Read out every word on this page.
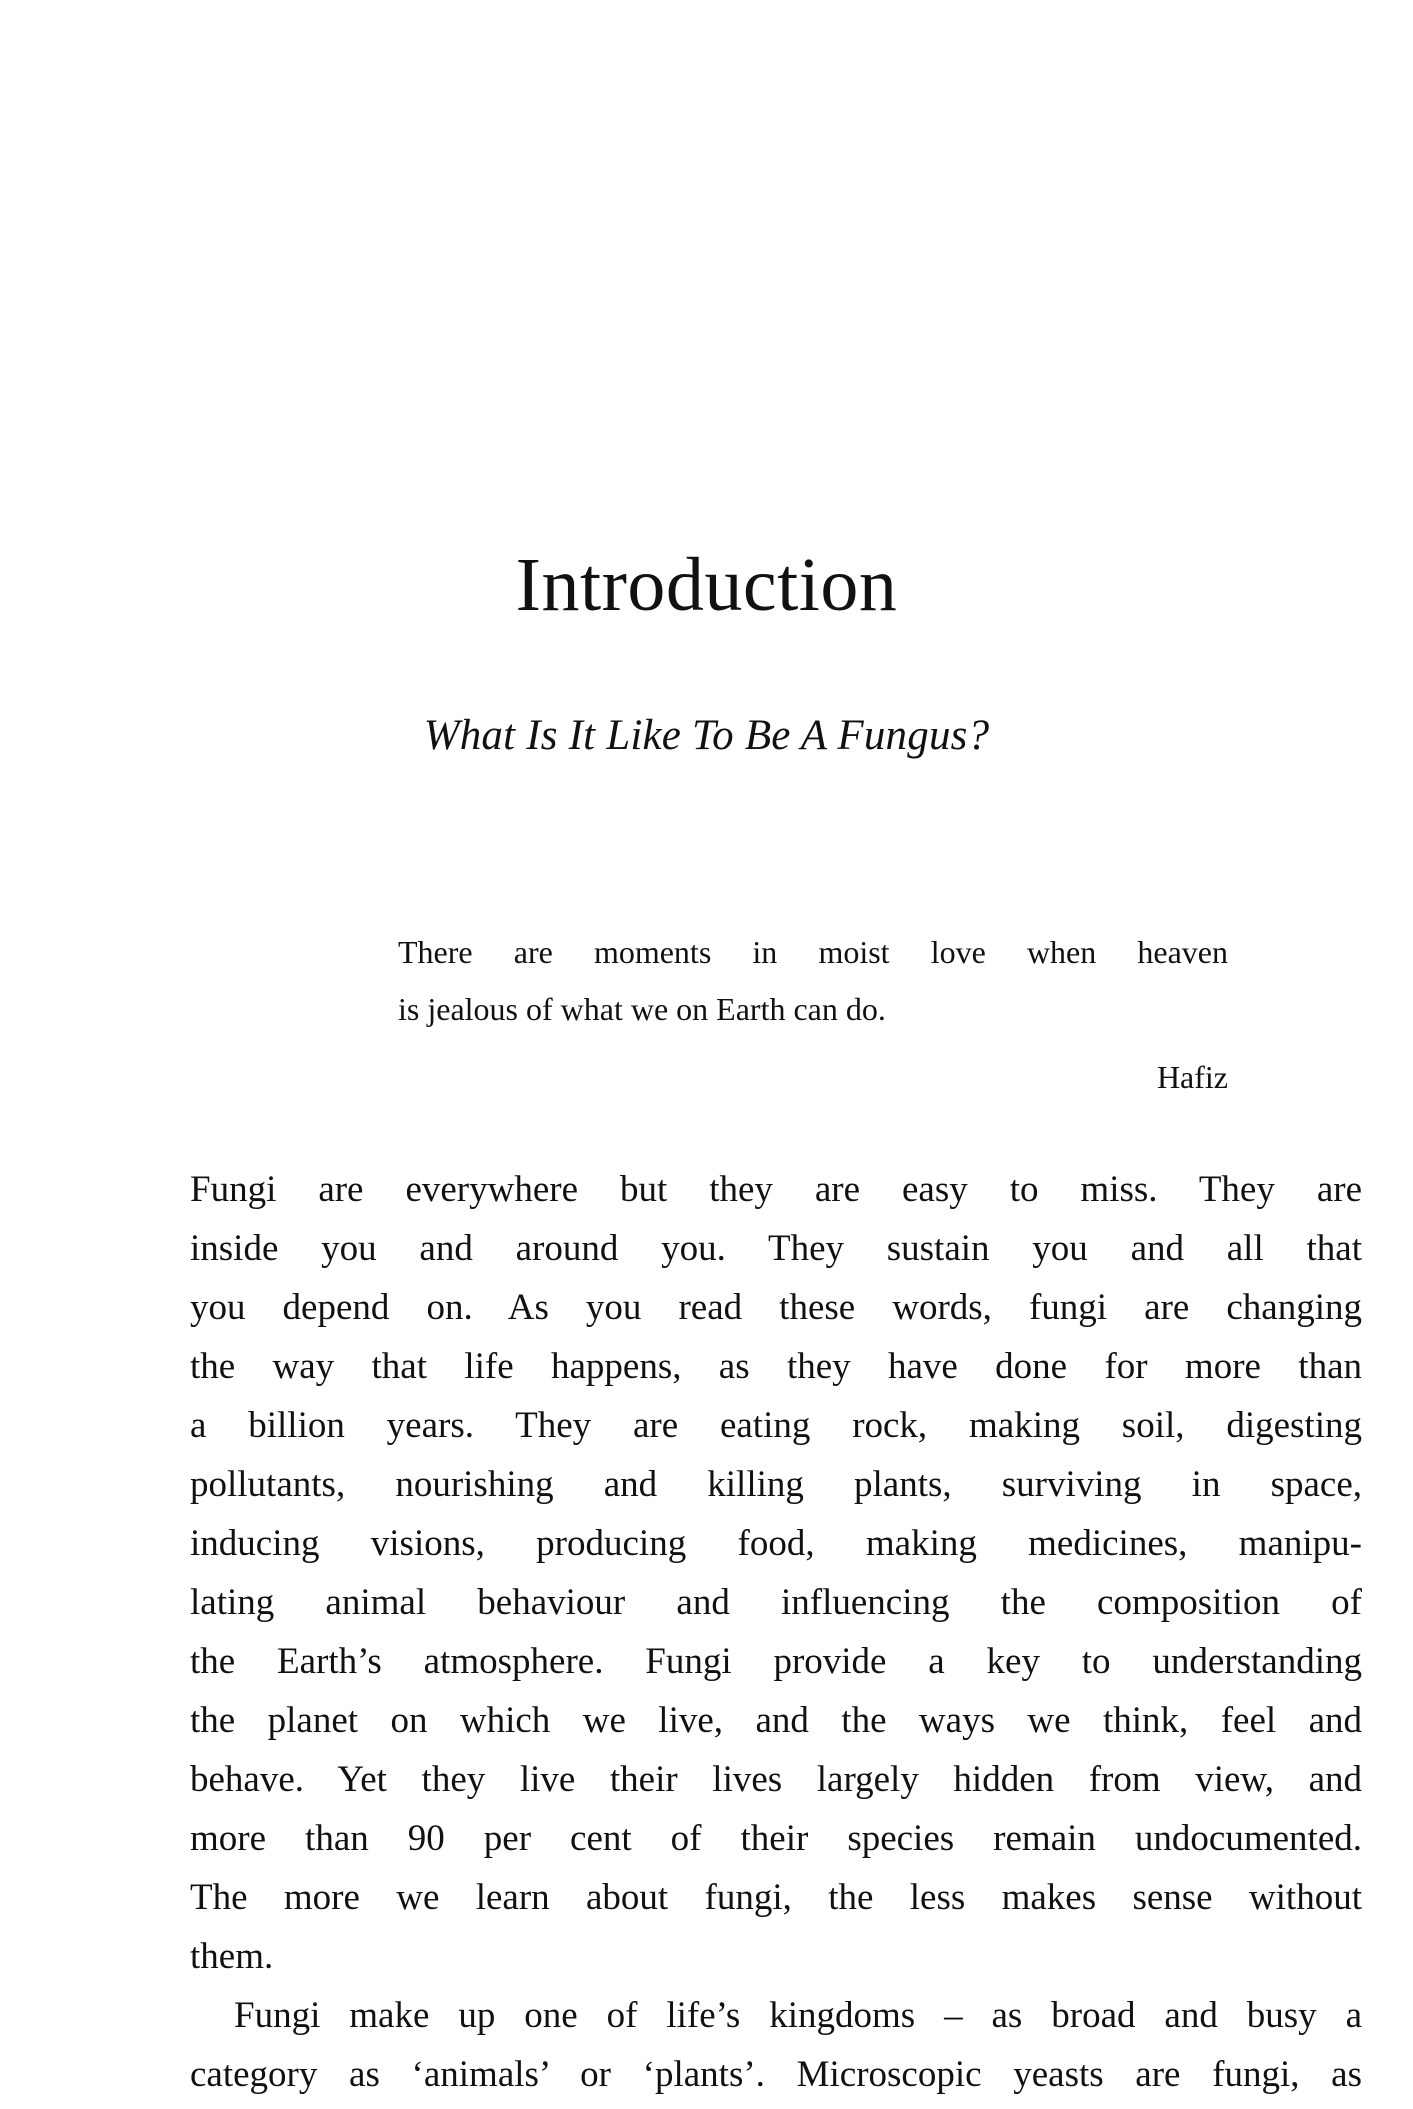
Introduction
What Is It Like To Be A Fungus?
There are moments in moist love when heaven
is jealous of what we on Earth can do.
Hafiz
Fungi are everywhere but they are easy to miss. They are
inside you and around you. They sustain you and all that
you depend on. As you read these words, fungi are changing
the way that life happens, as they have done for more than
a billion years. They are eating rock, making soil, digesting
pollutants, nourishing and killing plants, surviving in space,
inducing visions, producing food, making medicines, manipu-
lating animal behaviour and influencing the composition of
the Earth’s atmosphere. Fungi provide a key to understanding
the planet on which we live, and the ways we think, feel and
behave. Yet they live their lives largely hidden from view, and
more than 90 per cent of their species remain undocumented.
The more we learn about fungi, the less makes sense without
them.
Fungi make up one of life’s kingdoms – as broad and busy a
category as ‘animals’ or ‘plants’. Microscopic yeasts are fungi, as
